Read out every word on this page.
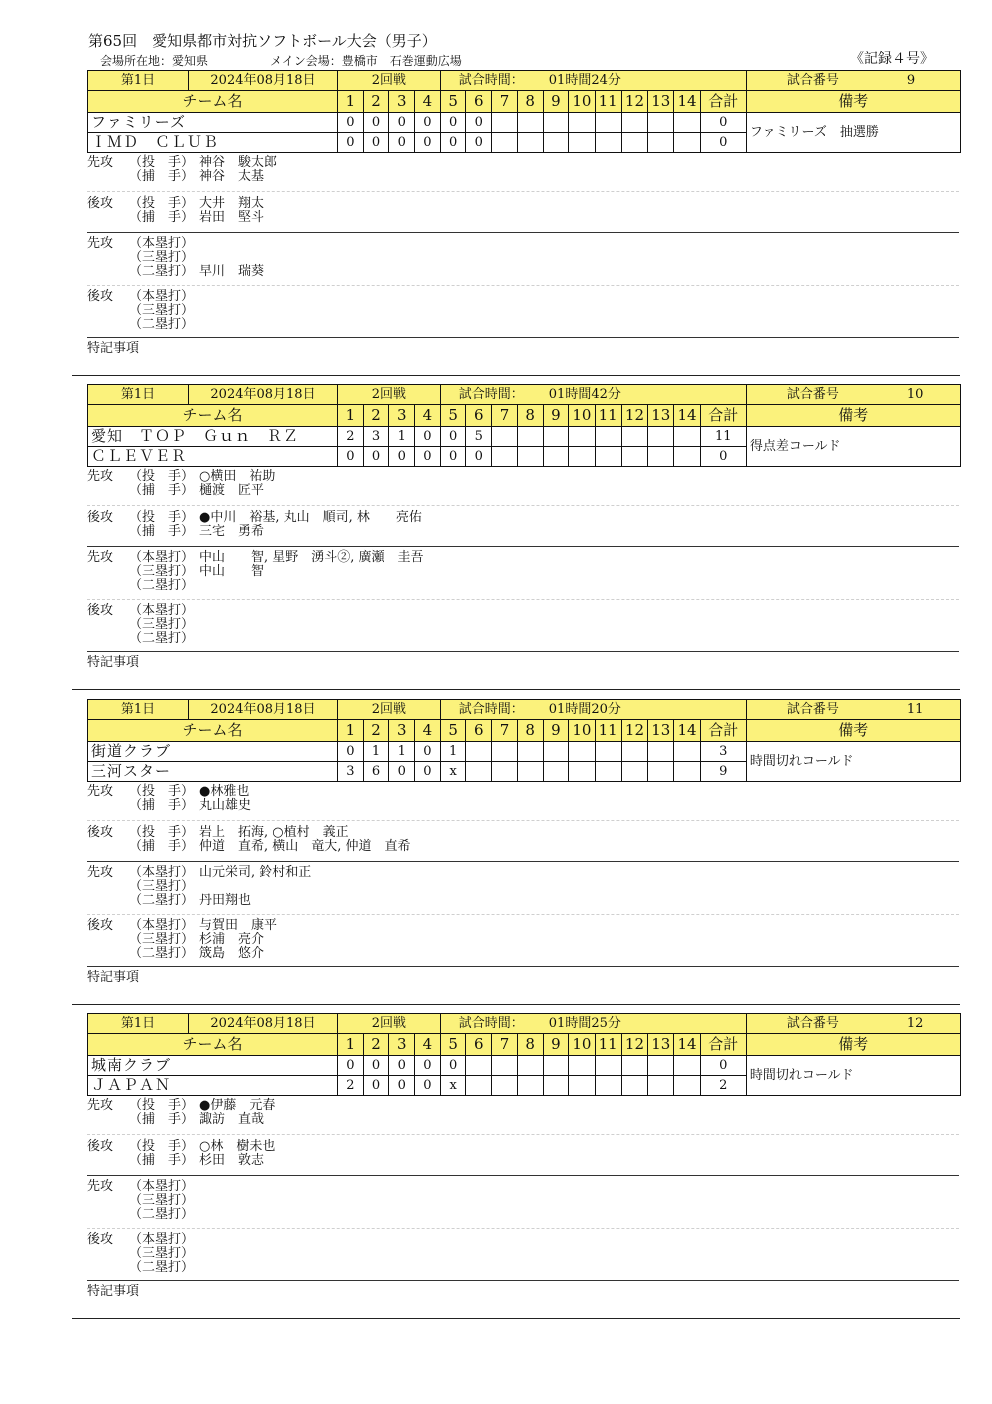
第65回　愛知県都市対抗ソフトボール大会（男子）
会場所在地：愛知県	メイン会場：豊橋市　石巻運動広場	《記録４号》
第1日 2024年08月18日	2回戦				試合時間： 01時間24分											試合番号 9
チーム名	1	2	3	4	5	6	7	8	9	10	11	12	13	14	合計	備考
ファミリーズ	0	0	0	0	0	0									0	ファミリーズ　抽選勝
ＩＭＤ　ＣＬＵＢ	0	0	0	0	0	0									0	
先攻	（投　手） 神谷　駿太郎
（捕　手） 神谷　太基
後攻	（投　手） 大井　翔太
（捕　手） 岩田　堅斗
先攻	（本塁打）
（三塁打）
（二塁打） 早川　瑞葵
後攻	（本塁打）
（三塁打）
（二塁打）
特記事項
第1日 2024年08月18日	2回戦				試合時間： 01時間42分											試合番号 10
チーム名	1	2	3	4	5	6	7	8	9	10	11	12	13	14	合計	備考
愛知　ＴＯＰ　Ｇｕｎ　ＲＺ	2	3	1	0	0	5									11	得点差コールド
ＣＬＥＶＥＲ	0	0	0	0	0	0									0	
先攻	（投　手） ○横田　祐助
（捕　手） 樋渡　匠平
後攻	（投　手） ●中川　裕基, 丸山　順司, 林　　亮佑
（捕　手） 三宅　勇希
先攻	（本塁打） 中山　　智, 星野　湧斗②, 廣瀬　圭吾
（三塁打） 中山　　智
（二塁打）
後攻	（本塁打）
（三塁打）
（二塁打）
特記事項
第1日 2024年08月18日	2回戦				試合時間： 01時間20分											試合番号 11
チーム名	1	2	3	4	5	6	7	8	9	10	11	12	13	14	合計	備考
街道クラブ	0	1	1	0	1										3	時間切れコールド
三河スター	3	6	0	0	x										9	
先攻	（投　手） ●林雅也
（捕　手） 丸山雄史
後攻	（投　手） 岩上　拓海, ○植村　義正
（捕　手） 仲道　直希, 横山　竜大, 仲道　直希
先攻	（本塁打） 山元栄司, 鈴村和正
（三塁打）
（二塁打） 丹田翔也
後攻	（本塁打） 与賀田　康平
（三塁打） 杉浦　亮介
（二塁打） 筬島　悠介
特記事項
第1日 2024年08月18日	2回戦				試合時間： 01時間25分											試合番号 12
チーム名	1	2	3	4	5	6	7	8	9	10	11	12	13	14	合計	備考
城南クラブ	0	0	0	0	0										0	時間切れコールド
ＪＡＰＡＮ	2	0	0	0	x										2	
先攻	（投　手） ●伊藤　元春
（捕　手） 諏訪　直哉
後攻	（投　手） ○林　樹未也
（捕　手） 杉田　敦志
先攻	（本塁打）
（三塁打）
（二塁打）
後攻	（本塁打）
（三塁打）
（二塁打）
特記事項
